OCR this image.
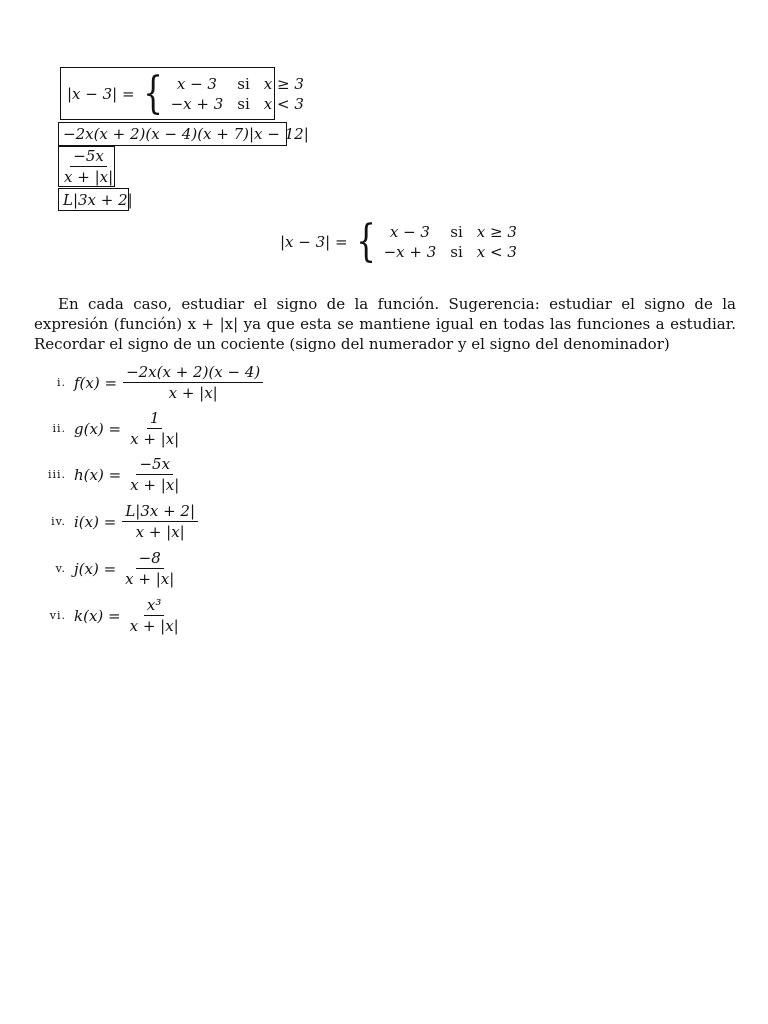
|x − 3| = { x − 3	si x ≥ 3
−x + 3 si x < 3
−2x(x + 2)(x − 4)(x + 7)|x − 12|
$\frac{-5x}{x + |x|}$
L|3x + 2|
|x − 3| = { x − 3	si x ≥ 3
−x + 3 si x < 3

En cada caso, estudiar el signo de la función. Sugerencia: estudiar el signo de la expresión (función) x + |x| ya que esta se mantiene igual en todas las funciones a estudiar. Recordar el signo de un cociente (signo del numerador y el signo del denominador)

i. $f(x) = \frac{-2x(x + 2)(x - 4)}{x + |x|}$
ii. $g(x) = \frac{1}{x + |x|}$
iii. $h(x) = \frac{-5x}{x + |x|}$
iv. $i(x) = \frac{L|3x + 2|}{x + |x|}$
v. $j(x) = \frac{-8}{x + |x|}$
vi. $k(x) = \frac{\text{x³}}{x + |x|}$
